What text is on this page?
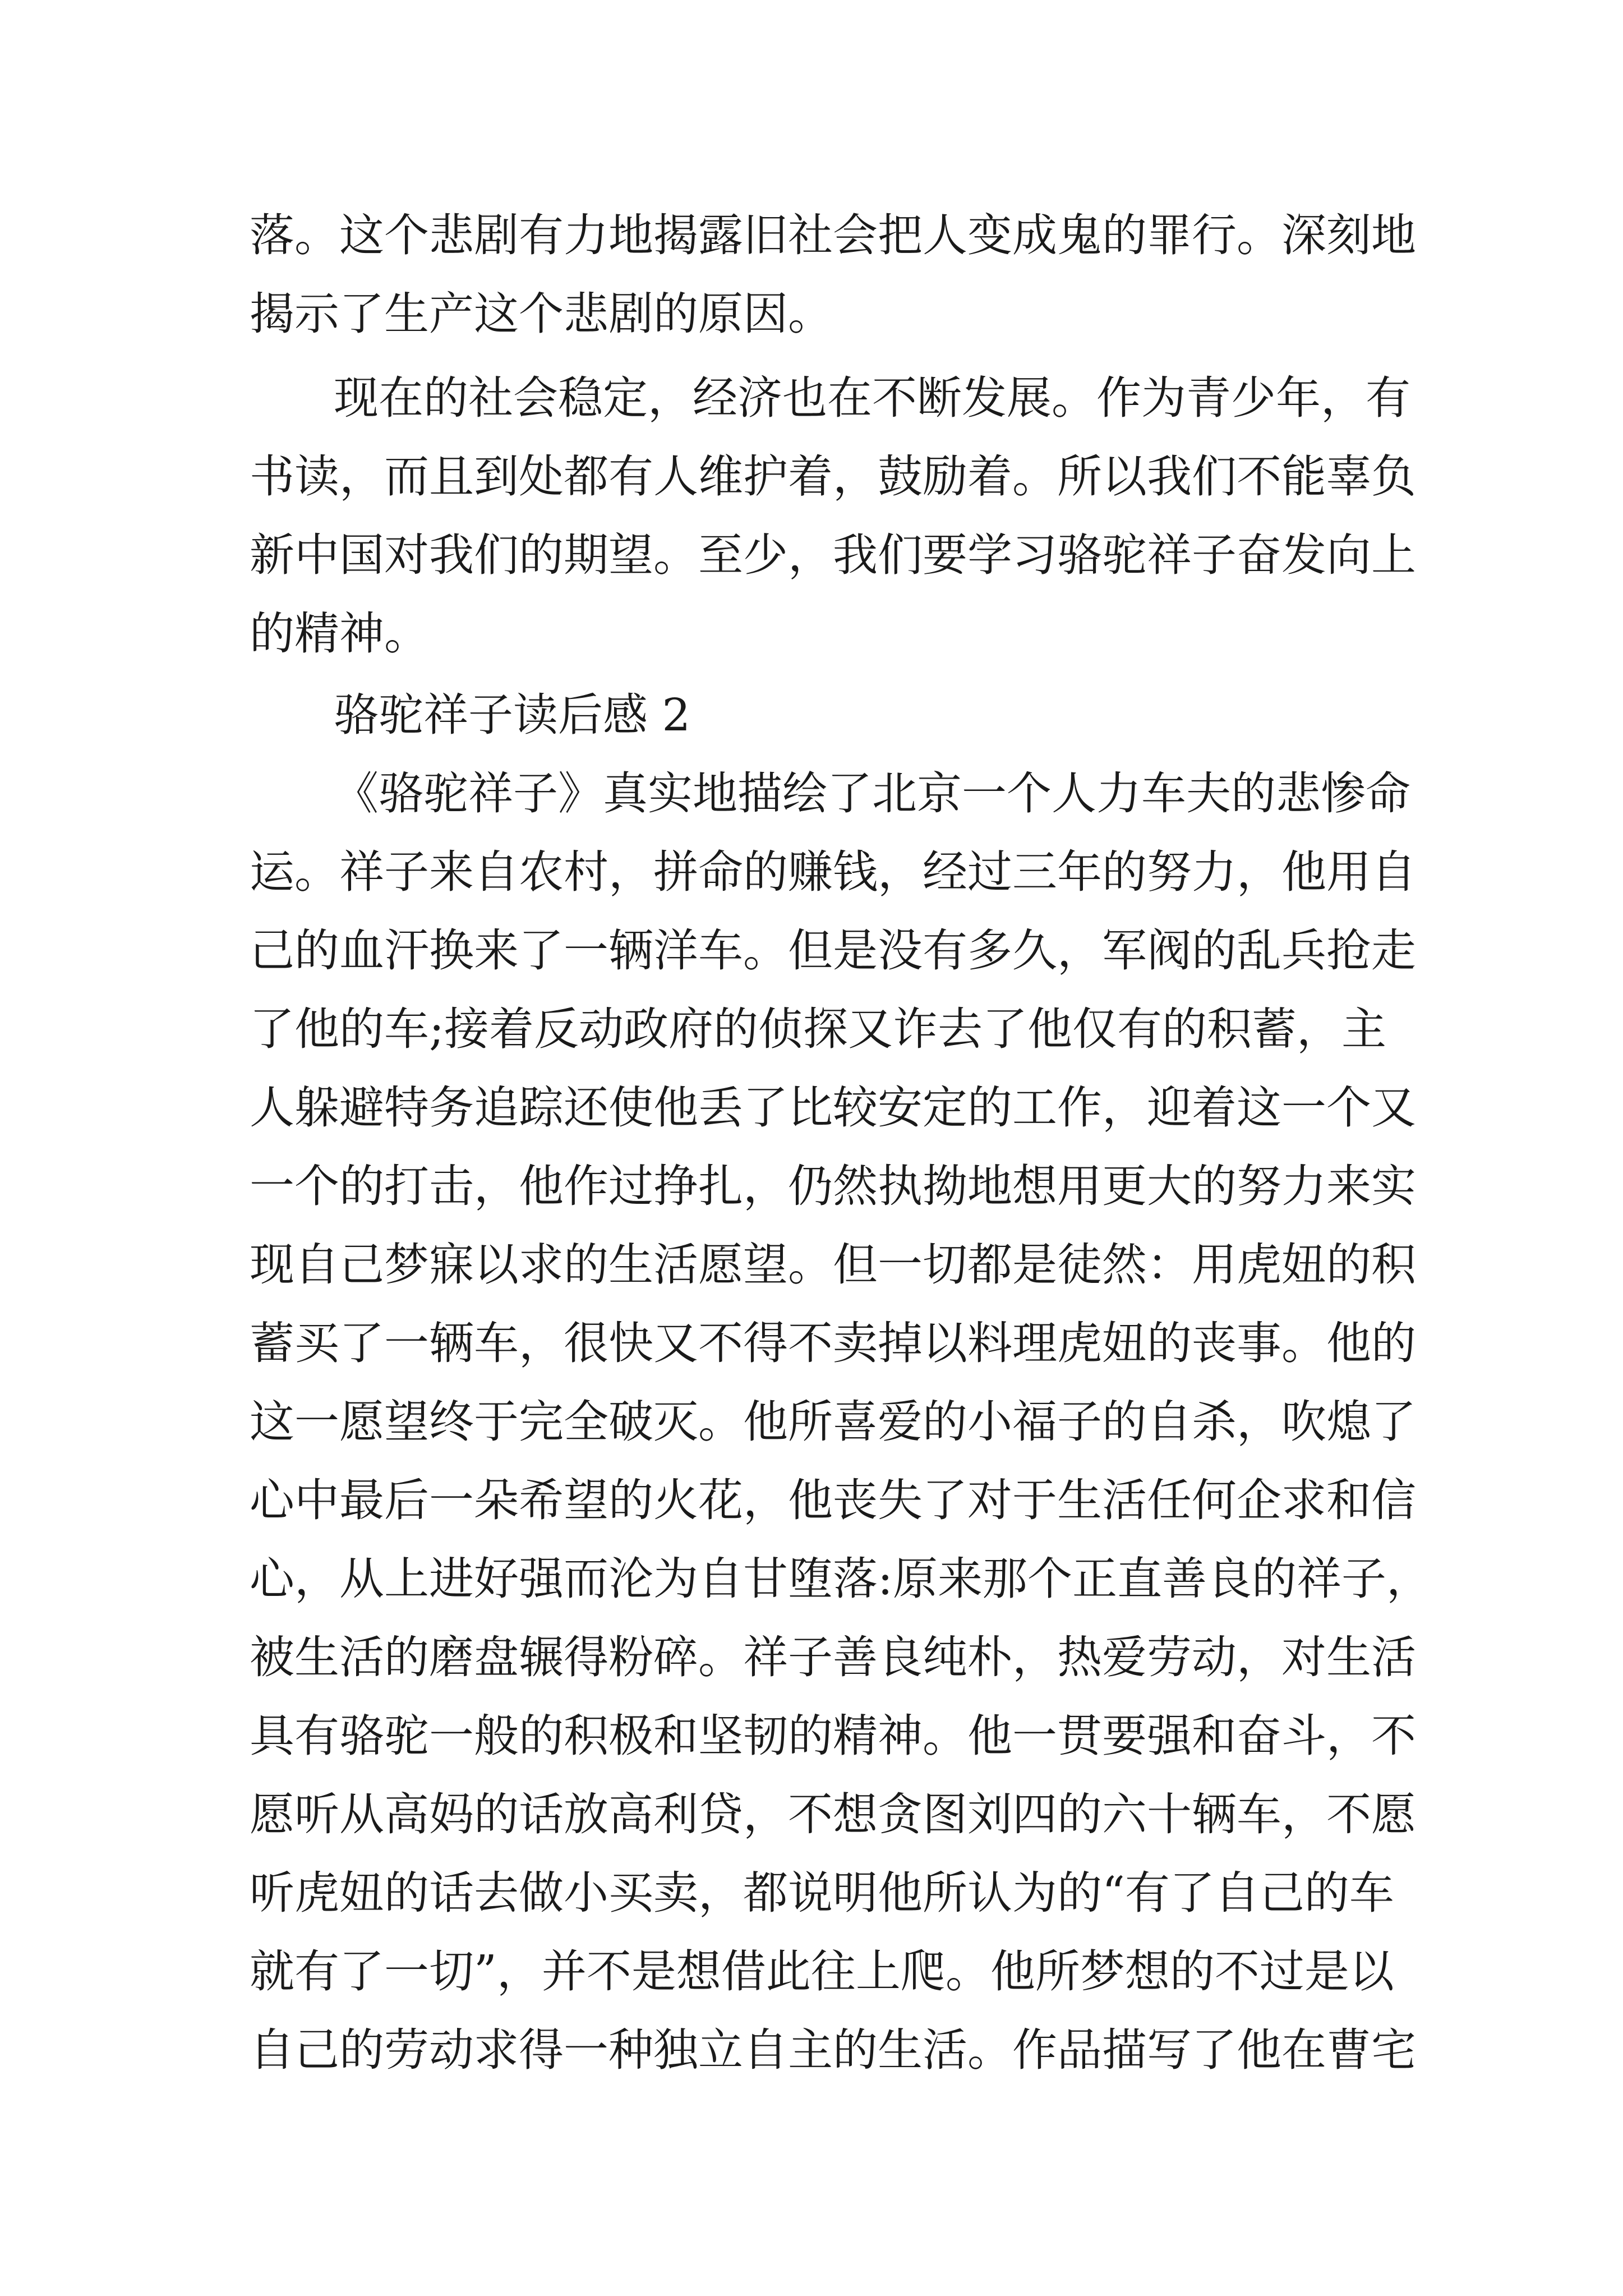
落。这个悲剧有力地揭露旧社会把人变成鬼的罪行。深刻地
揭示了生产这个悲剧的原因。
现在的社会稳定，经济也在不断发展。作为青少年，有
书读，而且到处都有人维护着，鼓励着。所以我们不能辜负
新中国对我们的期望。至少，我们要学习骆驼祥子奋发向上
的精神。
骆驼祥子读后感 2
《骆驼祥子》真实地描绘了北京一个人力车夫的悲惨命
运。祥子来自农村，拼命的赚钱，经过三年的努力，他用自
己的血汗换来了一辆洋车。但是没有多久，军阀的乱兵抢走
了他的车;接着反动政府的侦探又诈去了他仅有的积蓄，主
人躲避特务追踪还使他丢了比较安定的工作，迎着这一个又
一个的打击，他作过挣扎，仍然执拗地想用更大的努力来实
现自己梦寐以求的生活愿望。但一切都是徒然：用虎妞的积
蓄买了一辆车，很快又不得不卖掉以料理虎妞的丧事。他的
这一愿望终于完全破灭。他所喜爱的小福子的自杀，吹熄了
心中最后一朵希望的火花，他丧失了对于生活任何企求和信
心，从上进好强而沦为自甘堕落:原来那个正直善良的祥子，
被生活的磨盘辗得粉碎。祥子善良纯朴，热爱劳动，对生活
具有骆驼一般的积极和坚韧的精神。他一贯要强和奋斗，不
愿听从高妈的话放高利贷，不想贪图刘四的六十辆车，不愿
听虎妞的话去做小买卖，都说明他所认为的“有了自己的车
就有了一切”，并不是想借此往上爬。他所梦想的不过是以
自己的劳动求得一种独立自主的生活。作品描写了他在曹宅
